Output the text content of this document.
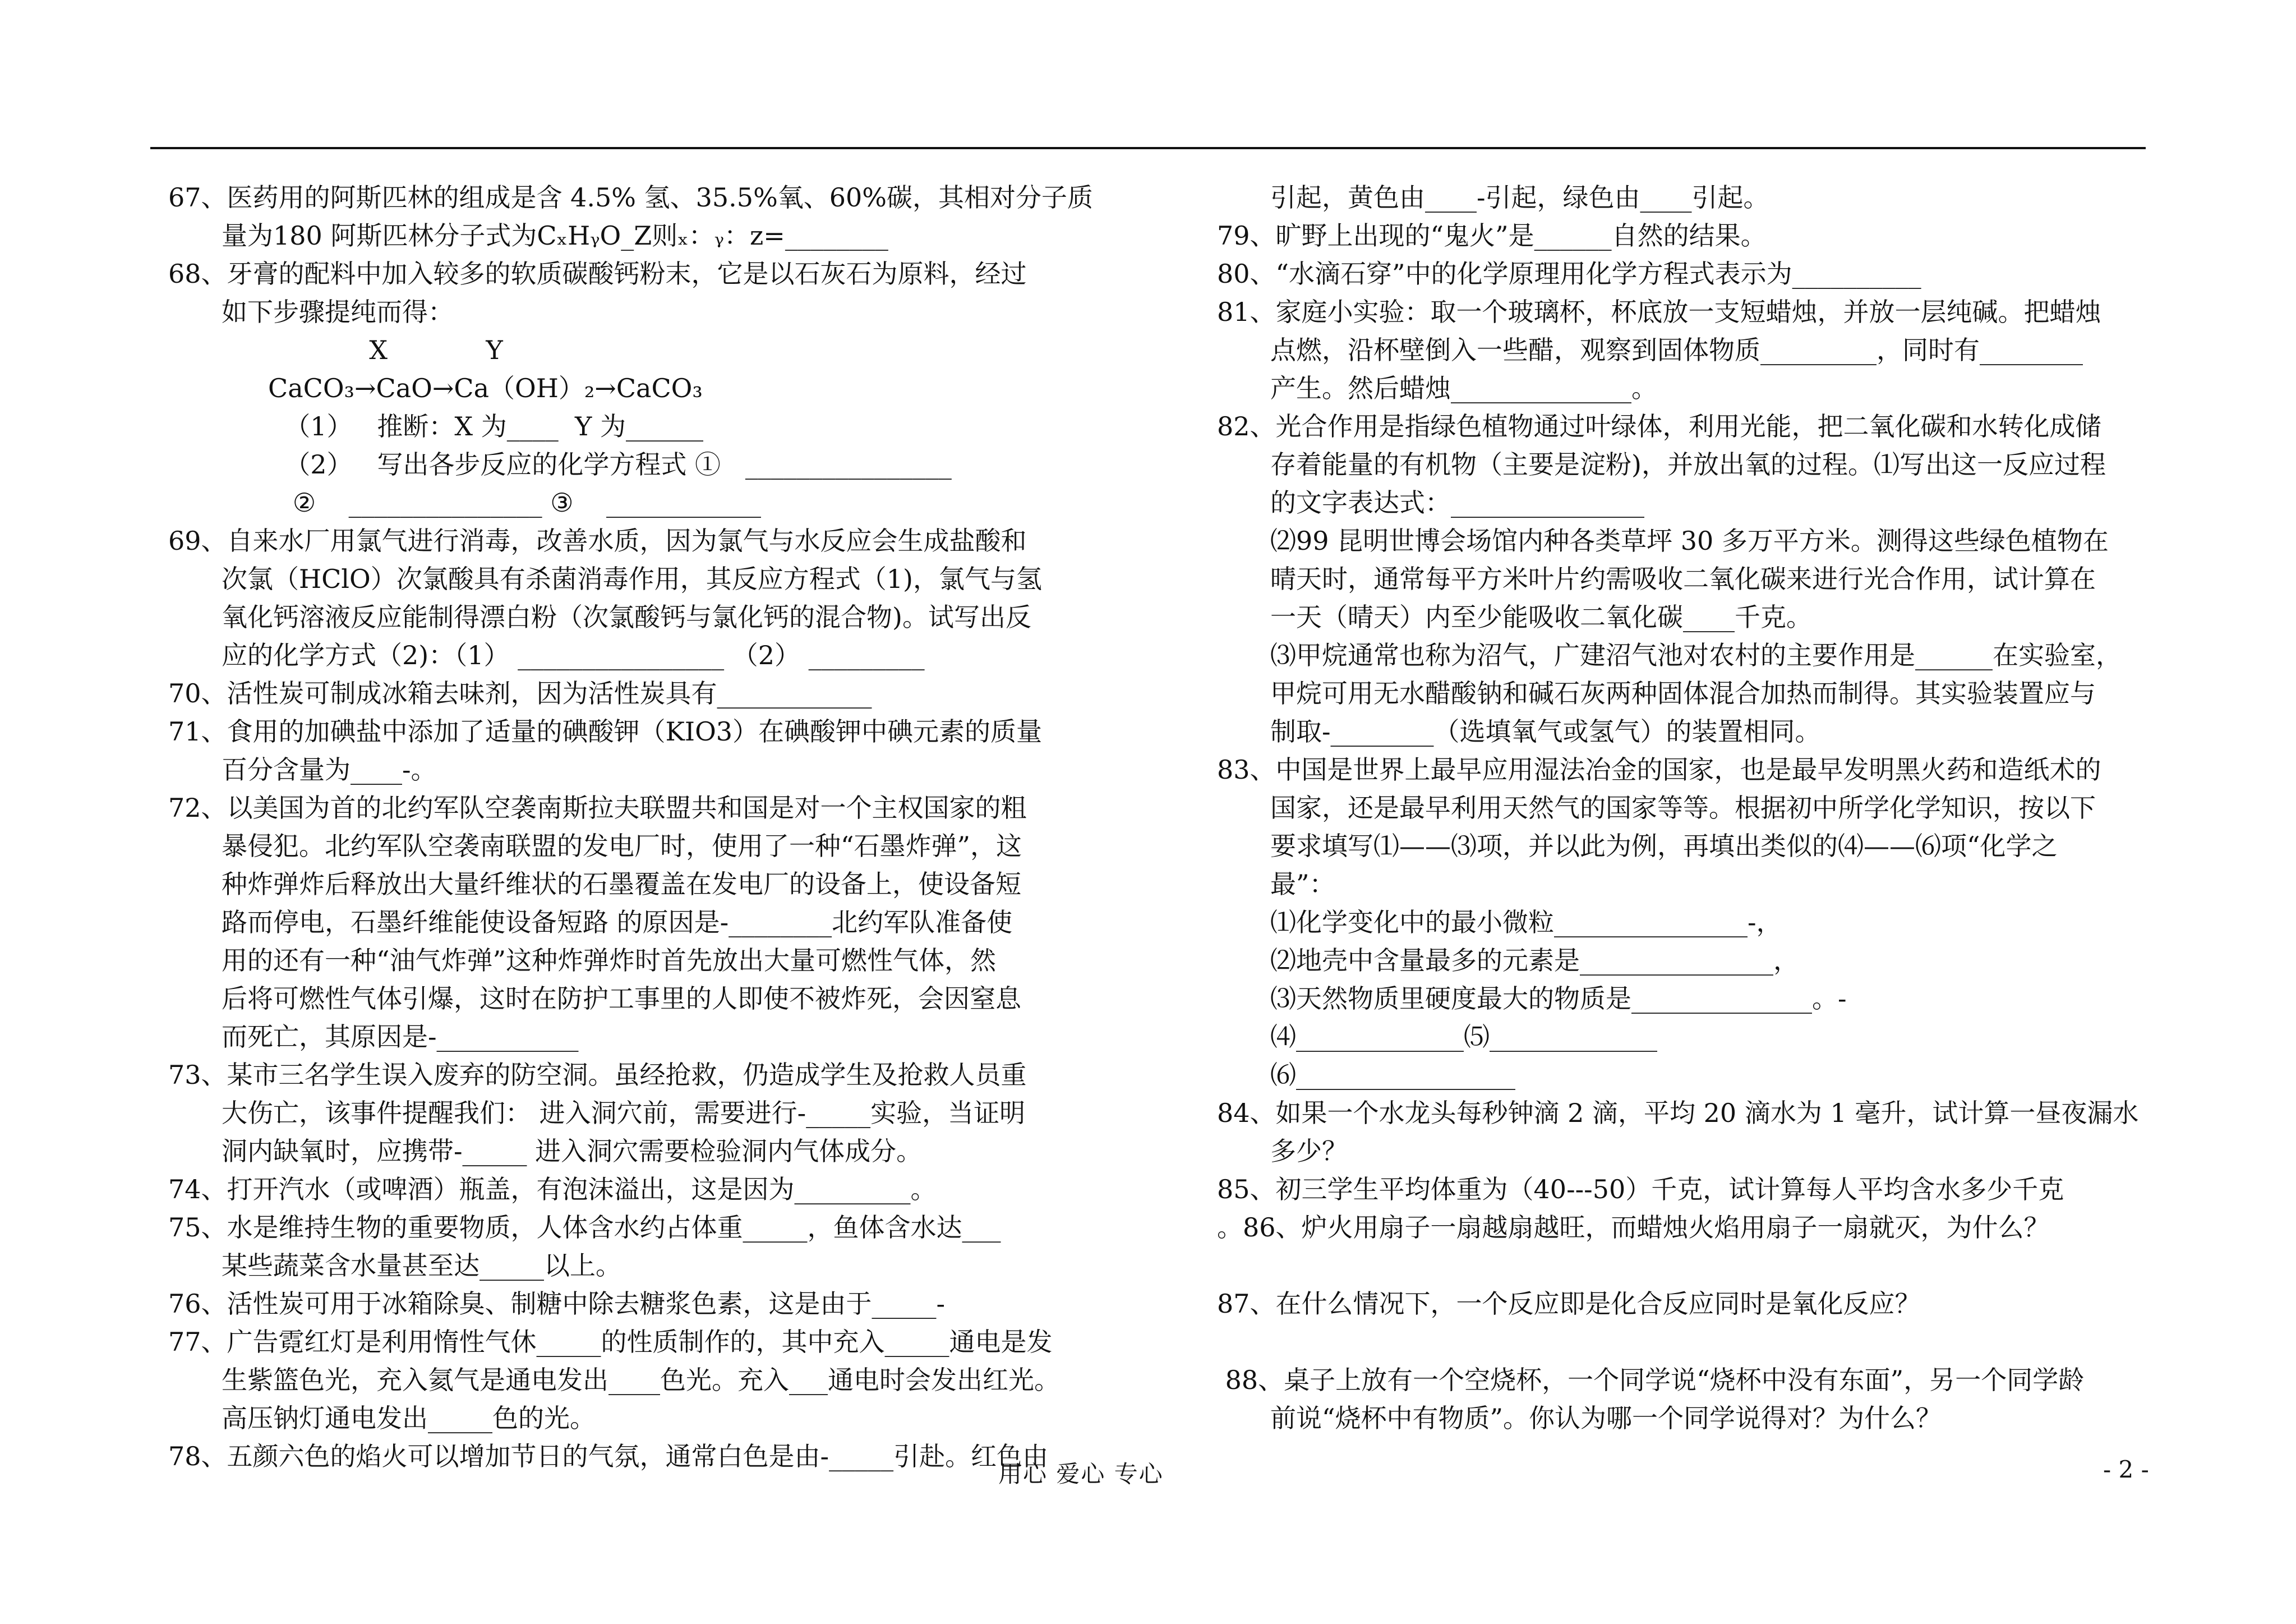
67、医药用的阿斯匹林的组成是含 4.5% 氢、35.5%氧、60%碳，其相对分子质
量为180 阿斯匹林分子式为CₓHᵧO_Z则ₓ：ᵧ：ᴢ=________
68、牙膏的配料中加入较多的软质碳酸钙粉末，它是以石灰石为原料，经过
如下步骤提纯而得：
X            Y
CaCO₃→CaO→Ca（OH）₂→CaCO₃
（1）   推断：X 为____  Y 为______
（2）   写出各步反应的化学方程式 ①   ________________
②    _______________ ③    ____________
69、自来水厂用氯气进行消毒，改善水质，因为氯气与水反应会生成盐酸和
次氯（HClO）次氯酸具有杀菌消毒作用，其反应方程式（1)，氯气与氢
氧化钙溶液反应能制得漂白粉（次氯酸钙与氯化钙的混合物)。试写出反
应的化学方式（2)：（1） ________________ （2） _________
70、活性炭可制成冰箱去味剂，因为活性炭具有____________
71、食用的加碘盐中添加了适量的碘酸钾（KIO3）在碘酸钾中碘元素的质量
百分含量为____-。
72、以美国为首的北约军队空袭南斯拉夫联盟共和国是对一个主权国家的粗
暴侵犯。北约军队空袭南联盟的发电厂时，使用了一种“石墨炸弹”，这
种炸弹炸后释放出大量纤维状的石墨覆盖在发电厂的设备上，使设备短
路而停电，石墨纤维能使设备短路 的原因是-________北约军队准备使
用的还有一种“油气炸弹”这种炸弹炸时首先放出大量可燃性气体，然
后将可燃性气体引爆，这时在防护工事里的人即使不被炸死，会因窒息
而死亡，其原因是-___________
73、某市三名学生误入废弃的防空洞。虽经抢救，仍造成学生及抢救人员重
大伤亡，该事件提醒我们： 进入洞穴前，需要进行-_____实验，当证明
洞内缺氧时，应携带-_____ 进入洞穴需要检验洞内气体成分。
74、打开汽水（或啤酒）瓶盖，有泡沫溢出，这是因为_________。
75、水是维持生物的重要物质，人体含水约占体重_____，鱼体含水达___
某些蔬菜含水量甚至达_____以上。
76、活性炭可用于冰箱除臭、制糖中除去糖浆色素，这是由于_____-
77、广告霓红灯是利用惰性气休_____的性质制作的，其中充入_____通电是发
生紫篮色光，充入氦气是通电发出____色光。充入___通电时会发出红光。
高压钠灯通电发出_____色的光。
78、五颜六色的焰火可以增加节日的气氛，通常白色是由-_____引赴。红色由
引起，黄色由____-引起，绿色由____引起。
79、旷野上出现的“鬼火”是______自然的结果。
80、“水滴石穿”中的化学原理用化学方程式表示为__________
81、家庭小实验：取一个玻璃杯，杯底放一支短蜡烛，并放一层纯碱。把蜡烛
点燃，沿杯壁倒入一些醋，观察到固体物质_________，同时有________
产生。然后蜡烛______________。
82、光合作用是指绿色植物通过叶绿体，利用光能，把二氧化碳和水转化成储
存着能量的有机物（主要是淀粉)，并放出氧的过程。⑴写出这一反应过程
的文字表达式：_______________
⑵99 昆明世博会场馆内种各类草坪 30 多万平方米。测得这些绿色植物在
晴天时，通常每平方米叶片约需吸收二氧化碳来进行光合作用，试计算在
一天（晴天）内至少能吸收二氧化碳____千克。
⑶甲烷通常也称为沼气，广建沼气池对农村的主要作用是______在实验室，
甲烷可用无水醋酸钠和碱石灰两种固体混合加热而制得。其实验装置应与
制取-________（选填氧气或氢气）的装置相同。
83、中国是世界上最早应用湿法冶金的国家，也是最早发明黑火药和造纸术的
国家，还是最早利用天然气的国家等等。根据初中所学化学知识，按以下
要求填写⑴——⑶项，并以此为例，再填出类似的⑷——⑹项“化学之
最”：
⑴化学变化中的最小微粒_______________-，
⑵地壳中含量最多的元素是_______________，
⑶天然物质里硬度最大的物质是______________。-
⑷_____________⑸_____________
⑹_________________
84、如果一个水龙头每秒钟滴 2 滴，平均 20 滴水为 1 毫升，试计算一昼夜漏水
多少？
85、初三学生平均体重为（40---50）千克，试计算每人平均含水多少千克
。86、炉火用扇子一扇越扇越旺，而蜡烛火焰用扇子一扇就灭，为什么？
87、在什么情况下，一个反应即是化合反应同时是氧化反应？
88、桌子上放有一个空烧杯，一个同学说“烧杯中没有东面”，另一个同学龄
前说“烧杯中有物质”。你认为哪一个同学说得对？为什么？
用心 爱心 专心	- 2 -
